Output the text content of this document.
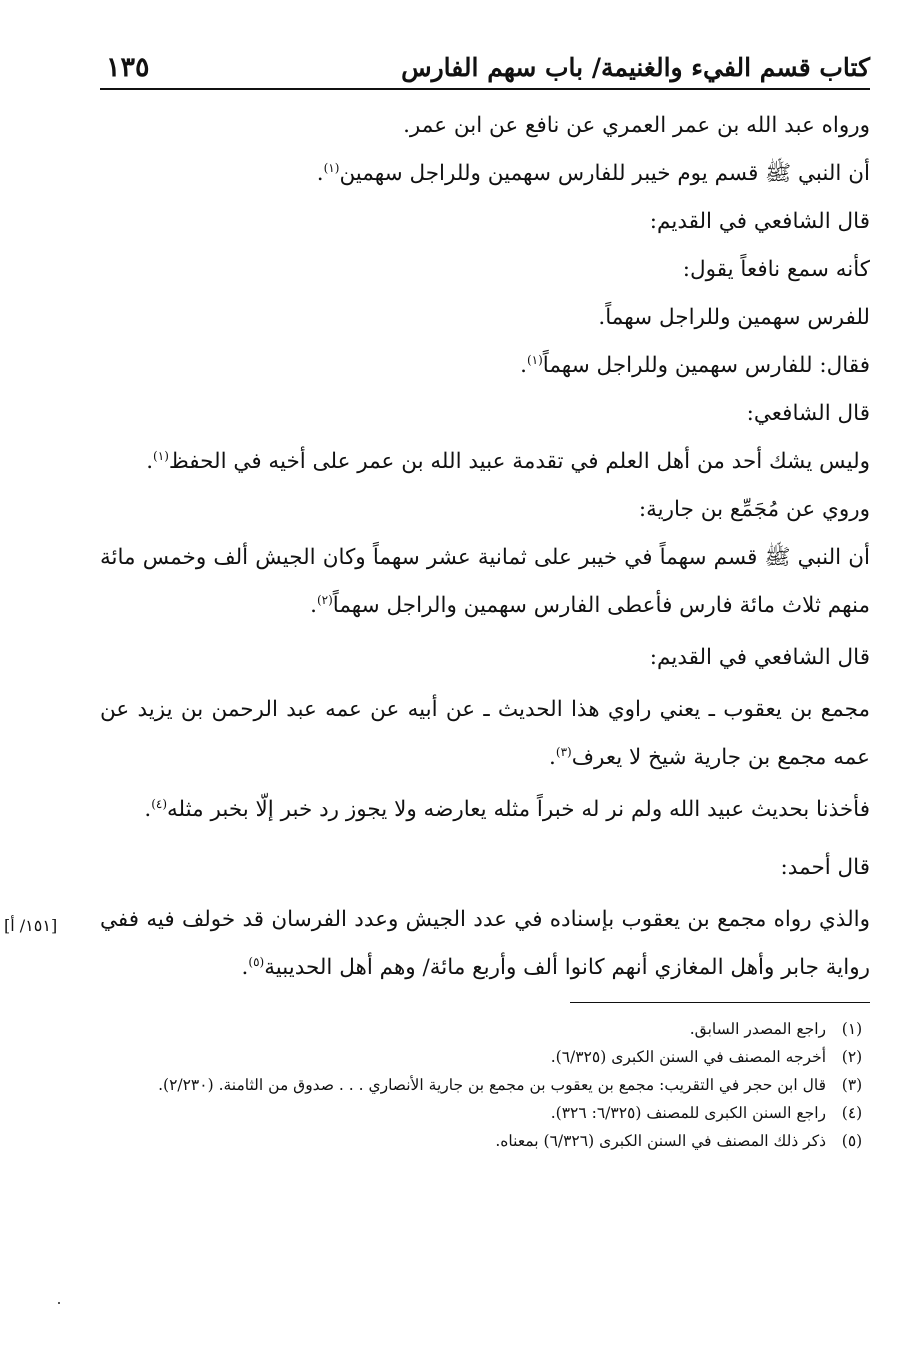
كتاب قسم الفيء والغنيمة/ باب سهم الفارس
١٣٥

ورواه عبد الله بن عمر العمري عن نافع عن ابن عمر.

أن النبي ﷺ قسم يوم خيبر للفارس سهمين وللراجل سهمين$^{(١)}$.

قال الشافعي في القديم:

كأنه سمع نافعاً يقول:

للفرس سهمين وللراجل سهماً.

فقال: للفارس سهمين وللراجل سهماً$^{(١)}$.

قال الشافعي:

وليس يشك أحد من أهل العلم في تقدمة عبيد الله بن عمر على أخيه في الحفظ$^{(١)}$.

وروي عن مُجَمِّع بن جارية:

أن النبي ﷺ قسم سهماً في خيبر على ثمانية عشر سهماً وكان الجيش ألف وخمس مائة منهم ثلاث مائة فارس فأعطى الفارس سهمين والراجل سهماً$^{(٢)}$.

قال الشافعي في القديم:

مجمع بن يعقوب ـ يعني راوي هذا الحديث ـ عن أبيه عن عمه عبد الرحمن بن يزيد عن عمه مجمع بن جارية شيخ لا يعرف$^{(٣)}$.

فأخذنا بحديث عبيد الله ولم نر له خبراً مثله يعارضه ولا يجوز رد خبر إلّا بخبر مثله$^{(٤)}$.

قال أحمد:

[١٥١/ أ] والذي رواه مجمع بن يعقوب بإسناده في عدد الجيش وعدد الفرسان قد خولف فيه ففي رواية جابر وأهل المغازي أنهم كانوا ألف وأربع مائة/ وهم أهل الحديبية$^{(٥)}$.

(١)
راجع المصدر السابق.

(٢)
أخرجه المصنف في السنن الكبرى (٦/٣٢٥).

(٣)
قال ابن حجر في التقريب: مجمع بن يعقوب بن مجمع بن جارية الأنصاري . . . صدوق من الثامنة. (٢/٢٣٠).

(٤)
راجع السنن الكبرى للمصنف (٦/٣٢٥: ٣٢٦).

(٥)
ذكر ذلك المصنف في السنن الكبرى (٦/٣٢٦) بمعناه.
